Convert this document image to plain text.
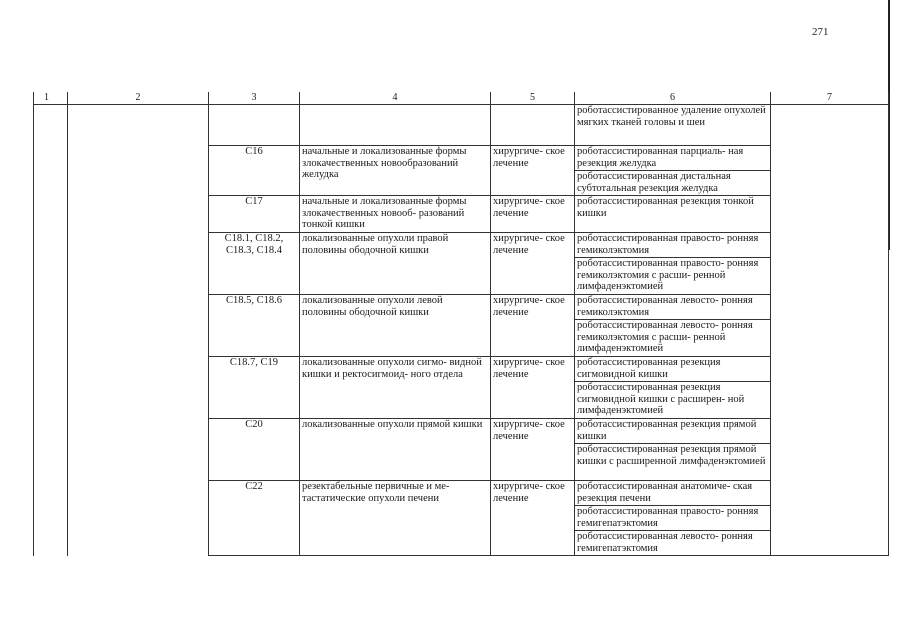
271
1	2	3	4	5	6	7
					роботассистированное удаление опухолей мягких тканей головы и шеи	
		C16	начальные и локализованные формы злокачественных новообразований желудка	хирургиче- ское лечение	роботассистированная парциаль- ная резекция желудка	
					роботассистированная дистальная субтотальная резекция желудка	
		C17	начальные и локализованные формы злокачественных новооб- разований тонкой кишки	хирургиче- ское лечение	роботассистированная резекция тонкой кишки	
		C18.1, C18.2, C18.3, C18.4	локализованные опухоли правой половины ободочной кишки	хирургиче- ское лечение	роботассистированная правосто- ронняя гемиколэктомия	
					роботассистированная правосто- ронняя гемиколэктомия с расши- ренной лимфаденэктомией	
		C18.5, C18.6	локализованные опухоли левой половины ободочной кишки	хирургиче- ское лечение	роботассистированная левосто- ронняя гемиколэктомия	
					роботассистированная левосто- ронняя гемиколэктомия с расши- ренной лимфаденэктомией	
		C18.7, C19	локализованные опухоли сигмо- видной кишки и ректосигмоид- ного отдела	хирургиче- ское лечение	роботассистированная резекция сигмовидной кишки	
					роботассистированная резекция сигмовидной кишки с расширен- ной лимфаденэктомией	
		C20	локализованные опухоли прямой кишки	хирургиче- ское лечение	роботассистированная резекция прямой кишки	
					роботассистированная резекция прямой кишки с расширенной лимфаденэктомией	
		C22	резектабельные первичные и ме- тастатические опухоли печени	хирургиче- ское лечение	роботассистированная анатомиче- ская резекция печени	
					роботассистированная правосто- ронняя гемигепатэктомия	
					роботассистированная левосто- ронняя гемигепатэктомия	
